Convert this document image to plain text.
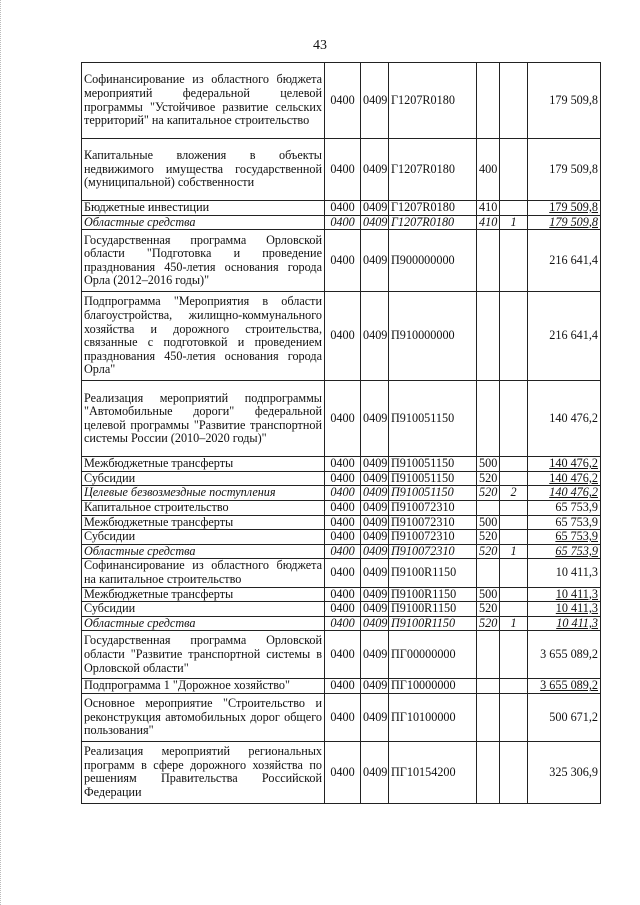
43
Софинансирование из областного бюджета мероприятий федеральной целевой программы "Устойчивое развитие сельских территорий" на капитальное строительство	0400	0409	Г1207R0180			179 509,8
Капитальные вложения в объекты недвижимого имущества государственной (муниципальной) собственности	0400	0409	Г1207R0180	400		179 509,8
Бюджетные инвестиции	0400	0409	Г1207R0180	410		179 509,8
Областные средства	0400	0409	Г1207R0180	410	1	179 509,8
Государственная программа Орловской области "Подготовка и проведение празднования 450-летия основания города Орла (2012–2016 годы)"	0400	0409	П900000000			216 641,4
Подпрограмма "Мероприятия в области благоустройства, жилищно-коммунального хозяйства и дорожного строительства, связанные с подготовкой и проведением празднования 450-летия основания города Орла"	0400	0409	П910000000			216 641,4
Реализация мероприятий подпрограммы "Автомобильные дороги" федеральной целевой программы "Развитие транспортной системы России (2010–2020 годы)"	0400	0409	П910051150			140 476,2
Межбюджетные трансферты	0400	0409	П910051150	500		140 476,2
Субсидии	0400	0409	П910051150	520		140 476,2
Целевые безвозмездные поступления	0400	0409	П910051150	520	2	140 476,2
Капитальное строительство	0400	0409	П910072310			65 753,9
Межбюджетные трансферты	0400	0409	П910072310	500		65 753,9
Субсидии	0400	0409	П910072310	520		65 753,9
Областные средства	0400	0409	П910072310	520	1	65 753,9
Софинансирование из областного бюджета на капитальное строительство	0400	0409	П9100R1150			10 411,3
Межбюджетные трансферты	0400	0409	П9100R1150	500		10 411,3
Субсидии	0400	0409	П9100R1150	520		10 411,3
Областные средства	0400	0409	П9100R1150	520	1	10 411,3
Государственная программа Орловской области "Развитие транспортной системы в Орловской области"	0400	0409	ПГ00000000			3 655 089,2
Подпрограмма 1 "Дорожное хозяйство"	0400	0409	ПГ10000000			3 655 089,2
Основное мероприятие "Строительство и реконструкция автомобильных дорог общего пользования"	0400	0409	ПГ10100000			500 671,2
Реализация мероприятий региональных программ в сфере дорожного хозяйства по решениям Правительства Российской Федерации	0400	0409	ПГ10154200			325 306,9
